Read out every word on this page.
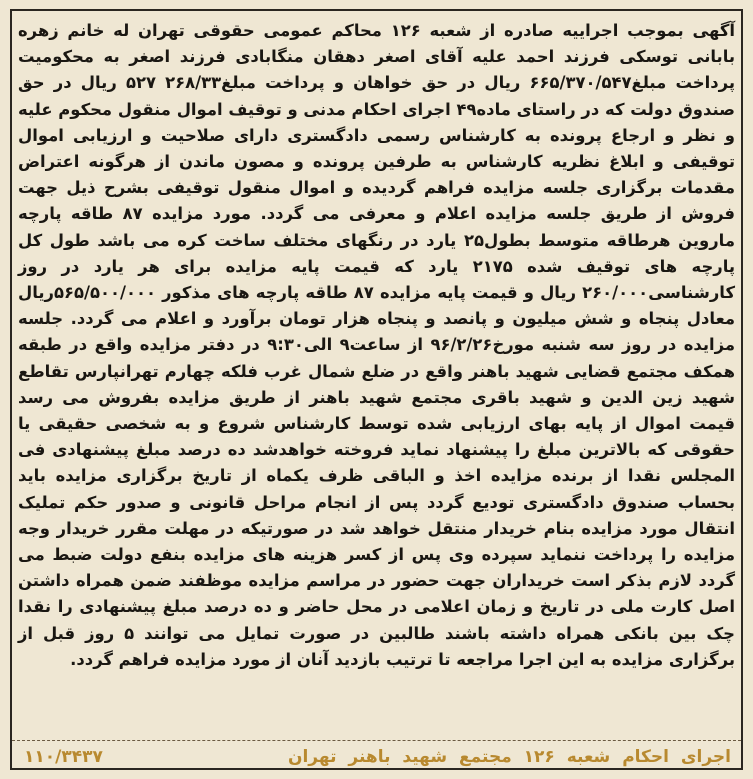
آگهی بموجب اجراییه صادره از شعبه ۱۲۶ محاکم عمومی حقوقی تهران له خانم زهره بابانی توسکی فرزند احمد علیه آقای اصغر دهقان منگابادی فرزند اصغر به محکومیت پرداخت مبلغ۶۶۵/۳۷۰/۵۴۷ ریال در حق خواهان و پرداخت مبلغ۲۶۸/۳۳ ۵۲۷ ریال در حق صندوق دولت که در راستای ماده۴۹ اجرای احکام مدنی و توقیف اموال منقول محکوم علیه و نظر و ارجاع پرونده به کارشناس رسمی دادگستری دارای صلاحیت و ارزیابی اموال توقیفی و ابلاغ نظریه کارشناس به طرفین پرونده و مصون ماندن از هرگونه اعتراض مقدمات برگزاری جلسه مزایده فراهم گردیده و اموال منقول توقیفی بشرح ذیل جهت فروش از طریق جلسه مزایده اعلام و معرفی می گردد. مورد مزایده ۸۷ طاقه پارچه ماروین هرطاقه متوسط بطول۲۵ یارد در رنگهای مختلف ساخت کره می باشد طول کل پارچه های توقیف شده ۲۱۷۵ یارد که قیمت پایه مزایده برای هر یارد در روز کارشناسی۲۶۰/۰۰۰ ریال و قیمت پایه مزایده ۸۷ طاقه پارچه های مذکور ۵۶۵/۵۰۰/۰۰۰ریال معادل پنجاه و شش میلیون و پانصد و پنجاه هزار تومان برآورد و اعلام می گردد. جلسه مزایده در روز سه شنبه مورخ۹۶/۲/۲۶ از ساعت۹ الی۹:۳۰ در دفتر مزایده واقع در طبقه همکف مجتمع قضایی شهید باهنر واقع در ضلع شمال غرب فلکه چهارم تهرانپارس تقاطع شهید زین الدین و شهید باقری مجتمع شهید باهنر از طریق مزایده بفروش می رسد قیمت اموال از پایه بهای ارزیابی شده توسط کارشناس شروع و به شخصی حقیقی یا حقوقی که بالاترین مبلغ را پیشنهاد نماید فروخته خواهدشد ده درصد مبلغ پیشنهادی فی المجلس نقدا از برنده مزایده اخذ و الباقی ظرف یکماه از تاریخ برگزاری مزایده باید بحساب صندوق دادگستری تودیع گردد پس از انجام مراحل قانونی و صدور حکم تملیک انتقال مورد مزایده بنام خریدار منتقل خواهد شد در صورتیکه در مهلت مقرر خریدار وجه مزایده را پرداخت ننماید سپرده وی پس از کسر هزینه های مزایده بنفع دولت ضبط می گردد لازم بذکر است خریداران جهت حضور در مراسم مزایده موظفند ضمن همراه داشتن اصل کارت ملی در تاریخ و زمان اعلامی در محل حاضر و ده درصد مبلغ پیشنهادی را نقدا چک بین بانکی همراه داشته باشند طالبین در صورت تمایل می توانند ۵ روز قبل از برگزاری مزایده به این اجرا مراجعه تا ترتیب بازدید آنان از مورد مزایده فراهم گردد.

اجرای احکام شعبه ۱۲۶ مجتمع شهید باهنر تهران
۱۱۰/۳۴۳۷
